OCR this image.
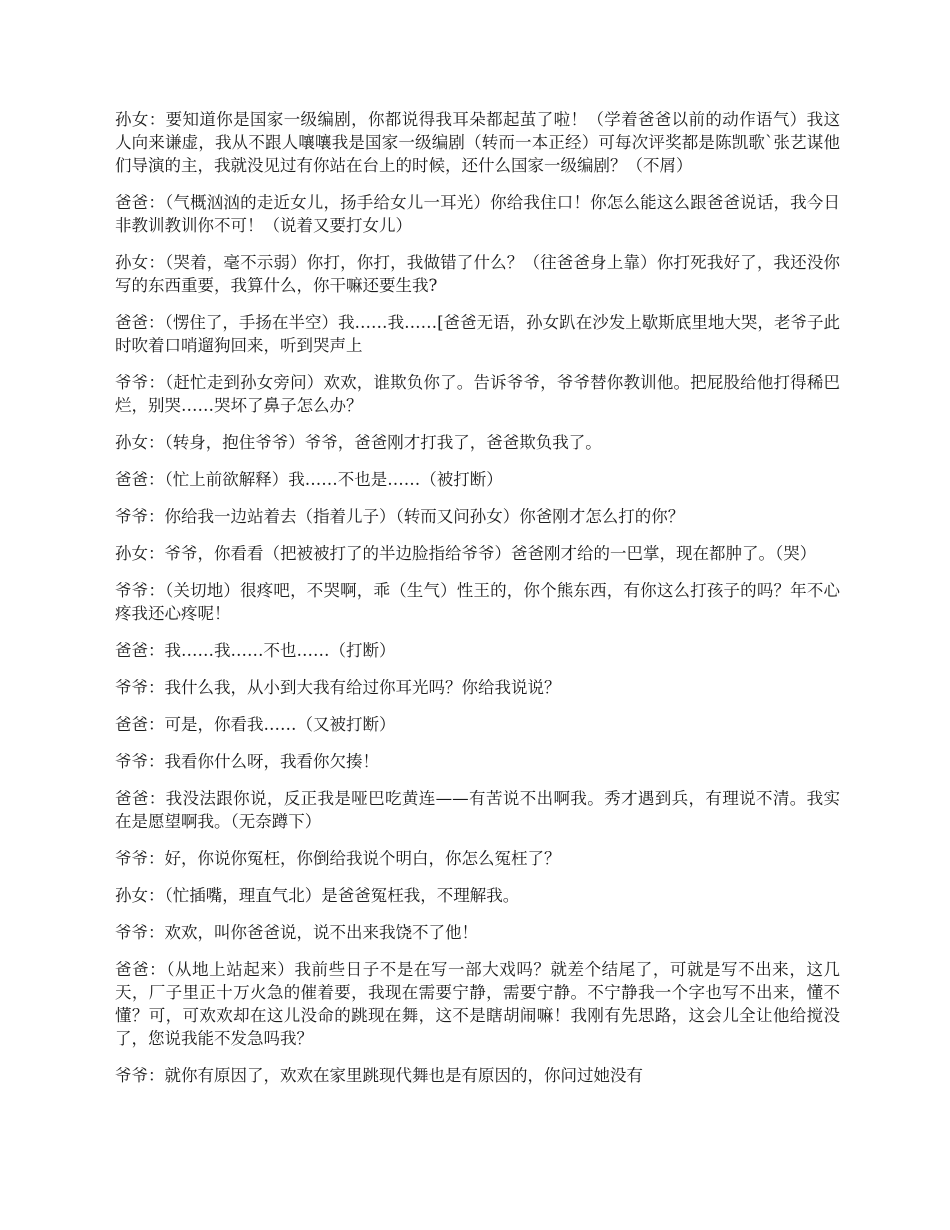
孙女：要知道你是国家一级编剧，你都说得我耳朵都起茧了啦！（学着爸爸以前的动作语气）我这人向来谦虚，我从不跟人嚷嚷我是国家一级编剧（转而一本正经）可每次评奖都是陈凯歌`张艺谋他们导演的主，我就没见过有你站在台上的时候，还什么国家一级编剧？（不屑）

爸爸：（气概汹汹的走近女儿，扬手给女儿一耳光）你给我住口！你怎么能这么跟爸爸说话，我今日非教训教训你不可！（说着又要打女儿）

孙女：（哭着，毫不示弱）你打，你打，我做错了什么？（往爸爸身上靠）你打死我好了，我还没你写的东西重要，我算什么，你干嘛还要生我?

爸爸：（愣住了，手扬在半空）我……我……[爸爸无语，孙女趴在沙发上歇斯底里地大哭，老爷子此时吹着口哨遛狗回来，听到哭声上

爷爷：（赶忙走到孙女旁问）欢欢，谁欺负你了。告诉爷爷，爷爷替你教训他。把屁股给他打得稀巴烂，别哭……哭坏了鼻子怎么办？

孙女：（转身，抱住爷爷）爷爷，爸爸刚才打我了，爸爸欺负我了。

爸爸：（忙上前欲解释）我……不也是……（被打断）

爷爷：你给我一边站着去（指着儿子）（转而又问孙女）你爸刚才怎么打的你？

孙女：爷爷，你看看（把被被打了的半边脸指给爷爷）爸爸刚才给的一巴掌，现在都肿了。（哭）

爷爷：（关切地）很疼吧，不哭啊，乖（生气）性王的，你个熊东西，有你这么打孩子的吗？年不心疼我还心疼呢！

爸爸：我……我……不也……（打断）

爷爷：我什么我，从小到大我有给过你耳光吗？你给我说说？

爸爸：可是，你看我……（又被打断）

爷爷：我看你什么呀，我看你欠揍！

爸爸：我没法跟你说，反正我是哑巴吃黄连——有苦说不出啊我。秀才遇到兵，有理说不清。我实在是愿望啊我。（无奈蹲下）

爷爷：好，你说你冤枉，你倒给我说个明白，你怎么冤枉了？

孙女：（忙插嘴，理直气北）是爸爸冤枉我，不理解我。

爷爷：欢欢，叫你爸爸说，说不出来我饶不了他！

爸爸：（从地上站起来）我前些日子不是在写一部大戏吗？就差个结尾了，可就是写不出来，这几天，厂子里正十万火急的催着要，我现在需要宁静，需要宁静。不宁静我一个字也写不出来，懂不懂？可，可欢欢却在这儿没命的跳现在舞，这不是瞎胡闹嘛！我刚有先思路，这会儿全让他给搅没了，您说我能不发急吗我？

爷爷：就你有原因了，欢欢在家里跳现代舞也是有原因的，你问过她没有
